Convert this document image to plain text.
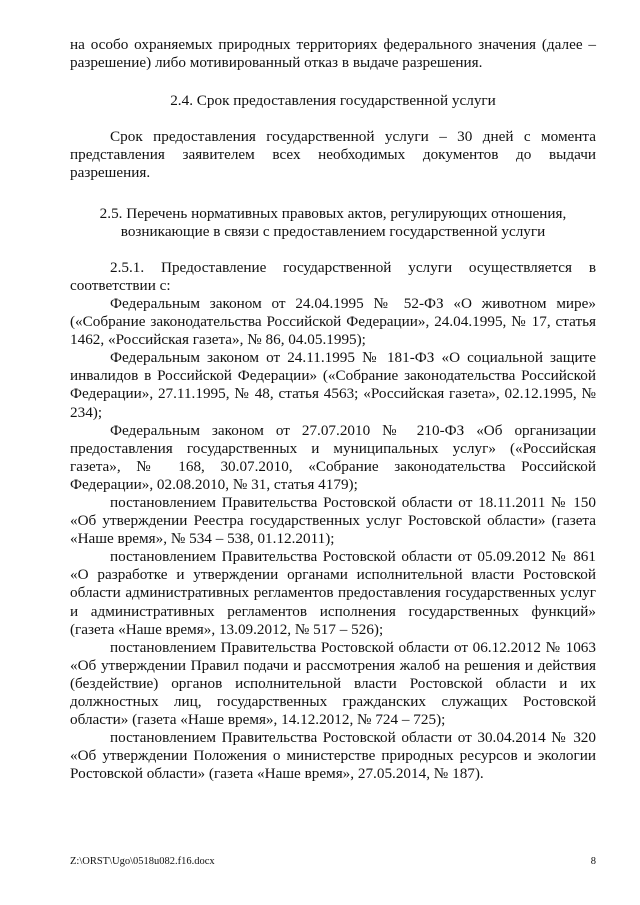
на особо охраняемых природных территориях федерального значения (далее – разрешение) либо мотивированный отказ в выдаче разрешения.

2.4. Срок предоставления государственной услуги

Срок предоставления государственной услуги – 30 дней с момента представления заявителем всех необходимых документов до выдачи разрешения.

2.5. Перечень нормативных правовых актов, регулирующих отношения,

возникающие в связи с предоставлением государственной услуги

2.5.1. Предоставление государственной услуги осуществляется в соответствии с:

Федеральным законом от 24.04.1995 № 52-ФЗ «О животном мире» («Собрание законодательства Российской Федерации», 24.04.1995, № 17, статья 1462, «Российская газета», № 86, 04.05.1995);

Федеральным законом от 24.11.1995 № 181-ФЗ «О социальной защите инвалидов в Российской Федерации» («Собрание законодательства Российской Федерации», 27.11.1995, № 48, статья 4563; «Российская газета», 02.12.1995, № 234);

Федеральным законом от 27.07.2010 № 210-ФЗ «Об организации предоставления государственных и муниципальных услуг» («Российская газета», № 168, 30.07.2010, «Собрание законодательства Российской Федерации», 02.08.2010, № 31, статья 4179);

постановлением Правительства Ростовской области от 18.11.2011 № 150 «Об утверждении Реестра государственных услуг Ростовской области» (газета «Наше время», № 534 – 538, 01.12.2011);

постановлением Правительства Ростовской области от 05.09.2012 № 861 «О разработке и утверждении органами исполнительной власти Ростовской области административных регламентов предоставления государственных услуг и административных регламентов исполнения государственных функций» (газета «Наше время», 13.09.2012, № 517 – 526);

постановлением Правительства Ростовской области от 06.12.2012 № 1063 «Об утверждении Правил подачи и рассмотрения жалоб на решения и действия (бездействие) органов исполнительной власти Ростовской области и их должностных лиц, государственных гражданских служащих Ростовской области» (газета «Наше время», 14.12.2012, № 724 – 725);

постановлением Правительства Ростовской области от 30.04.2014 № 320 «Об утверждении Положения о министерстве природных ресурсов и экологии Ростовской области» (газета «Наше время», 27.05.2014, № 187).

Z:\ORST\Ugo\0518u082.f16.docx	8
